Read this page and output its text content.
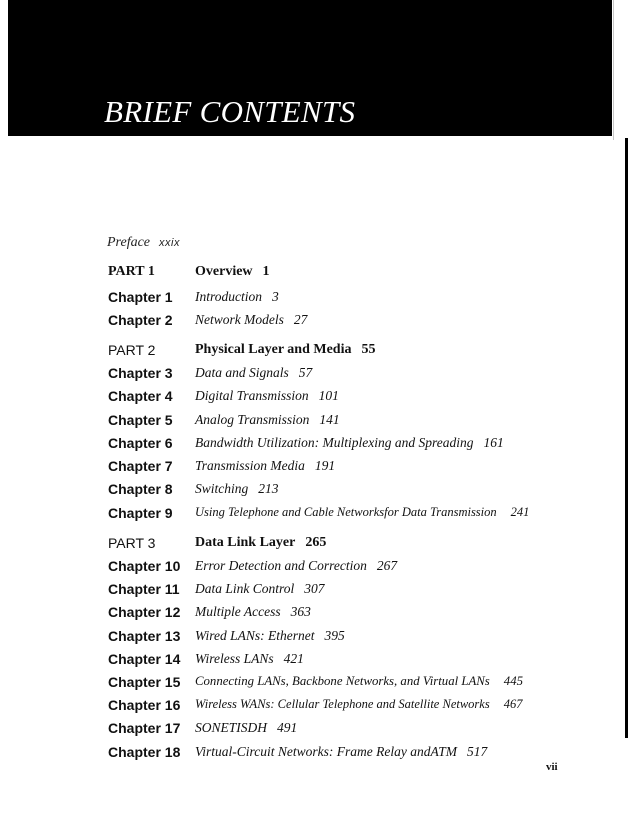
BRIEF CONTENTS
Preface xxix
PART 1	Overview 1
Chapter 1 Introduction 3
Chapter 2 Network Models 27
PART 2	Physical Layer and Media 55
Chapter 3 Data and Signals 57
Chapter 4 Digital Transmission 101
Chapter 5 Analog Transmission 141
Chapter 6 Bandwidth Utilization: Multiplexing and Spreading 161
Chapter 7 Transmission Media 191
Chapter 8 Switching 213
Chapter 9 Using Telephone and Cable Networksfor Data Transmission 241
PART 3	Data Link Layer 265
Chapter 10 Error Detection and Correction 267
Chapter 11 Data Link Control 307
Chapter 12 Multiple Access 363
Chapter 13 Wired LANs: Ethernet 395
Chapter 14 Wireless LANs 421
Chapter 15 Connecting LANs, Backbone Networks, and Virtual LANs 445
Chapter 16 Wireless WANs: Cellular Telephone and Satellite Networks 467
Chapter 17 SONETISDH 491
Chapter 18 Virtual-Circuit Networks: Frame Relay andATM 517
vii
